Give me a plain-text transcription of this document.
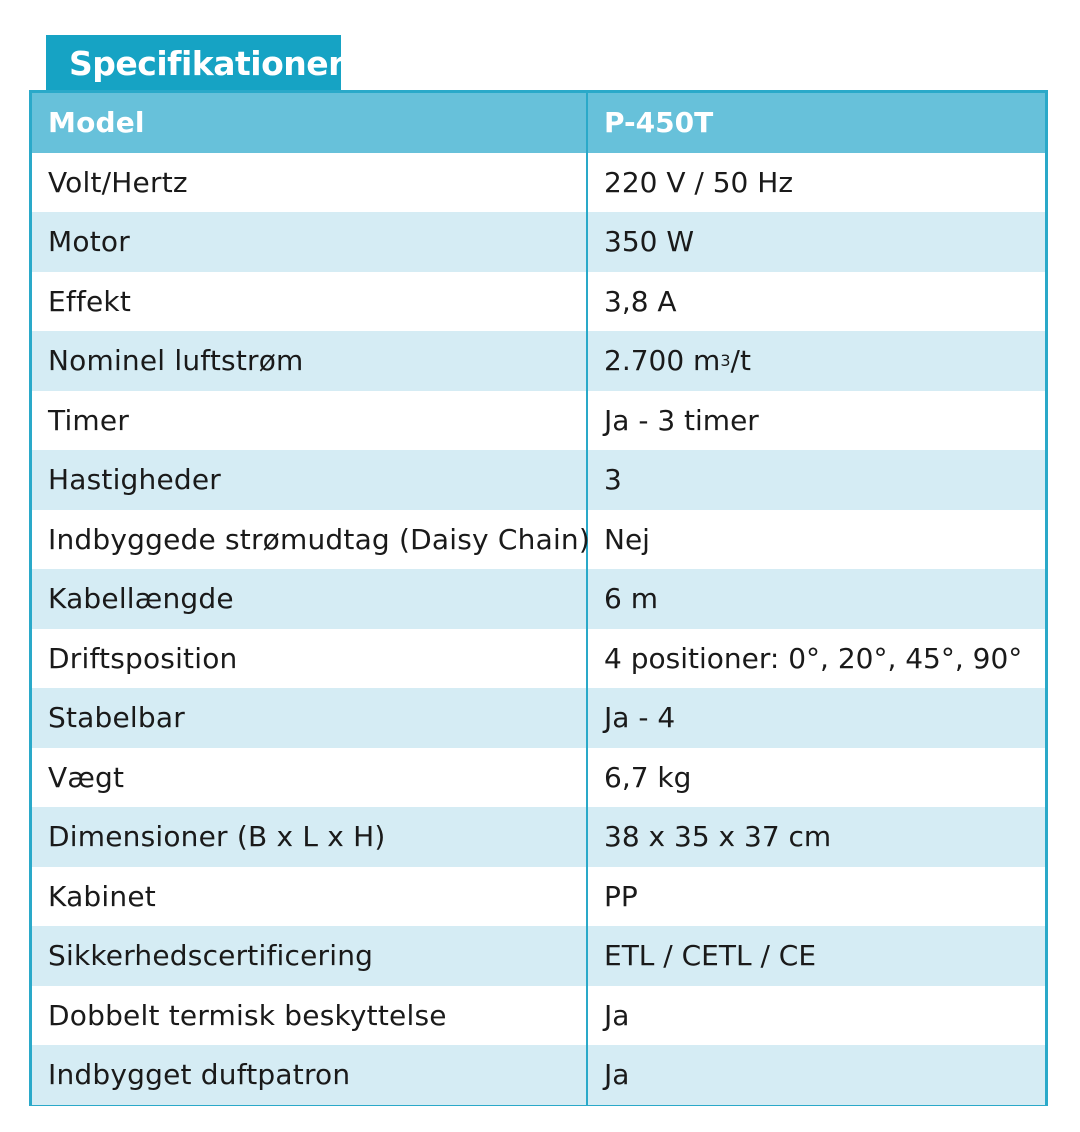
Specifikationer
Model	P-450T
Volt/Hertz	220 V / 50 Hz
Motor	350 W
Effekt	3,8 A
Nominel luftstrøm	2.700 m 3 /t
Timer	Ja - 3 timer
Hastigheder	3
Indbyggede strømudtag (Daisy Chain) Nej
Kabellængde	6 m
Driftsposition	4 positioner: 0°, 20°, 45°, 90°
Stabelbar	Ja - 4
Vægt	6,7 kg
Dimensioner (B x L x H)	38 x 35 x 37 cm
Kabinet	PP
Sikkerhedscertificering	ETL / CETL / CE
Dobbelt termisk beskyttelse	Ja
Indbygget duftpatron	Ja
